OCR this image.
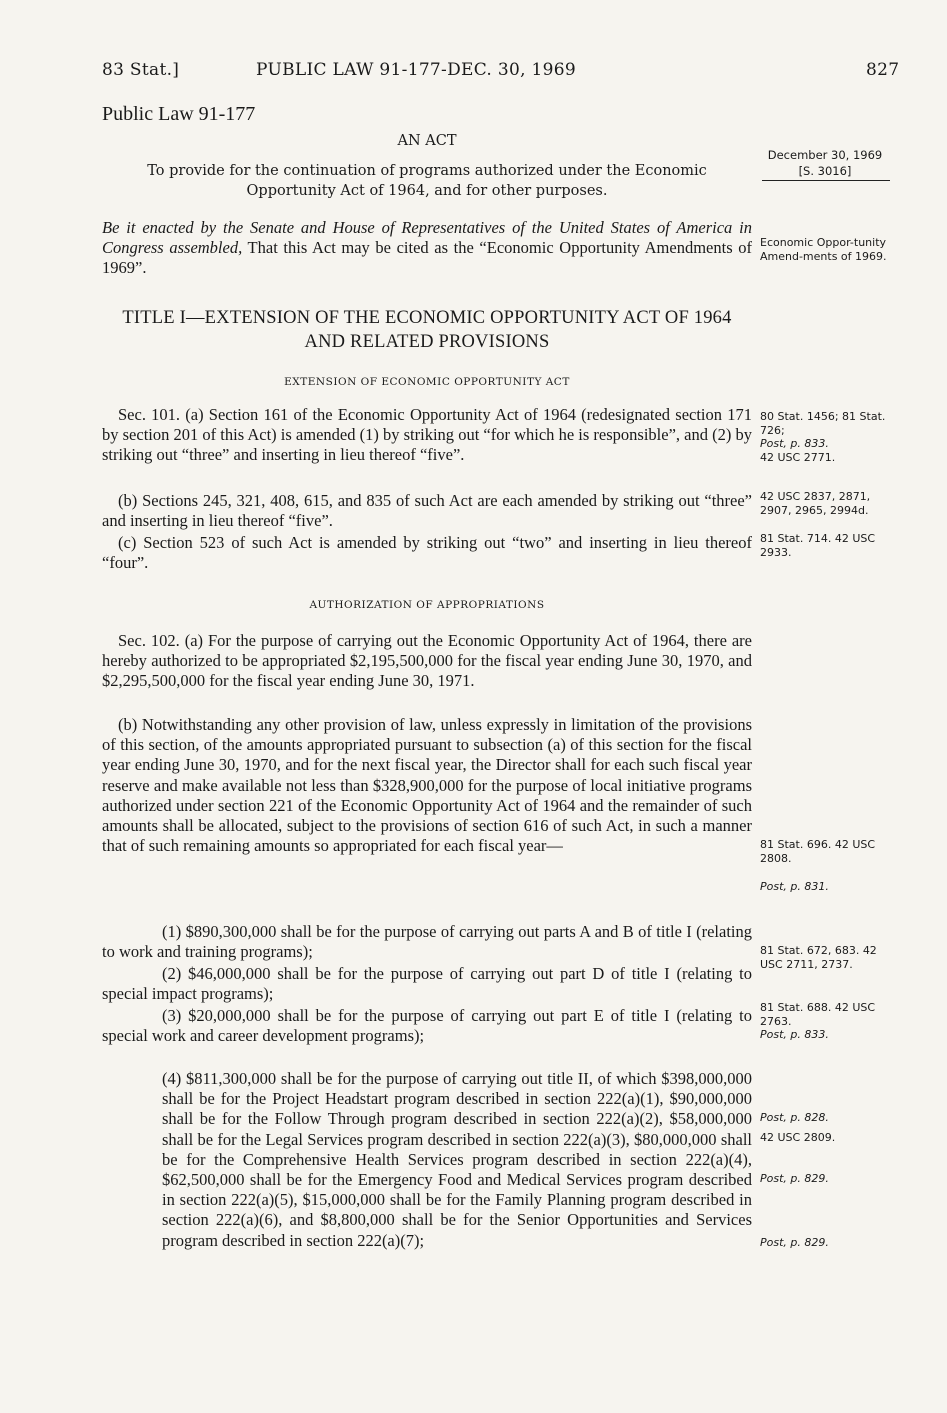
83 Stat.]	PUBLIC LAW 91-177-DEC. 30, 1969	827
Public Law 91-177
AN ACT
To provide for the continuation of programs authorized under the Economic Opportunity Act of 1964, and for other purposes.
December 30, 1969
[S. 3016]
Be it enacted by the Senate and House of Representatives of the United States of America in Congress assembled, That this Act may be cited as the “Economic Opportunity Amendments of 1969”.
Economic Oppor-tunity Amend-ments of 1969.
TITLE I—EXTENSION OF THE ECONOMIC OPPORTUNITY ACT OF 1964 AND RELATED PROVISIONS
EXTENSION OF ECONOMIC OPPORTUNITY ACT
Sec. 101. (a) Section 161 of the Economic Opportunity Act of 1964 (redesignated section 171 by section 201 of this Act) is amended (1) by striking out “for which he is responsible”, and (2) by striking out “three” and inserting in lieu thereof “five”.
(b) Sections 245, 321, 408, 615, and 835 of such Act are each amended by striking out “three” and inserting in lieu thereof “five”.
(c) Section 523 of such Act is amended by striking out “two” and inserting in lieu thereof “four”.
80 Stat. 1456; 81 Stat. 726;
Post, p. 833.
42 USC 2771.
42 USC 2837, 2871, 2907, 2965, 2994d.
81 Stat. 714. 42 USC 2933.
AUTHORIZATION OF APPROPRIATIONS
Sec. 102. (a) For the purpose of carrying out the Economic Opportunity Act of 1964, there are hereby authorized to be appropriated $2,195,500,000 for the fiscal year ending June 30, 1970, and $2,295,500,000 for the fiscal year ending June 30, 1971.
(b) Notwithstanding any other provision of law, unless expressly in limitation of the provisions of this section, of the amounts appropriated pursuant to subsection (a) of this section for the fiscal year ending June 30, 1970, and for the next fiscal year, the Director shall for each such fiscal year reserve and make available not less than $328,900,000 for the purpose of local initiative programs authorized under section 221 of the Economic Opportunity Act of 1964 and the remainder of such amounts shall be allocated, subject to the provisions of section 616 of such Act, in such a manner that of such remaining amounts so appropriated for each fiscal year—	81 Stat. 696. 42 USC 2808.
Post, p. 831.
(1) $890,300,000 shall be for the purpose of carrying out parts A and B of title I (relating to work and training programs);
(2) $46,000,000 shall be for the purpose of carrying out part D of title I (relating to special impact programs);
(3) $20,000,000 shall be for the purpose of carrying out part E of title I (relating to special work and career development programs);
(4) $811,300,000 shall be for the purpose of carrying out title II, of which $398,000,000 shall be for the Project Headstart program described in section 222(a)(1), $90,000,000 shall be for the Follow Through program described in section 222(a)(2), $58,000,000 shall be for the Legal Services program described in section 222(a)(3), $80,000,000 shall be for the Comprehensive Health Services program described in section 222(a)(4), $62,500,000 shall be for the Emergency Food and Medical Services program described in section 222(a)(5), $15,000,000 shall be for the Family Planning program described in section 222(a)(6), and $8,800,000 shall be for the Senior Opportunities and Services program described in section 222(a)(7);
81 Stat. 672, 683. 42 USC 2711, 2737.
81 Stat. 688. 42 USC 2763.
Post, p. 833.
Post, p. 828.
42 USC 2809.
Post, p. 829.
Post, p. 829.
